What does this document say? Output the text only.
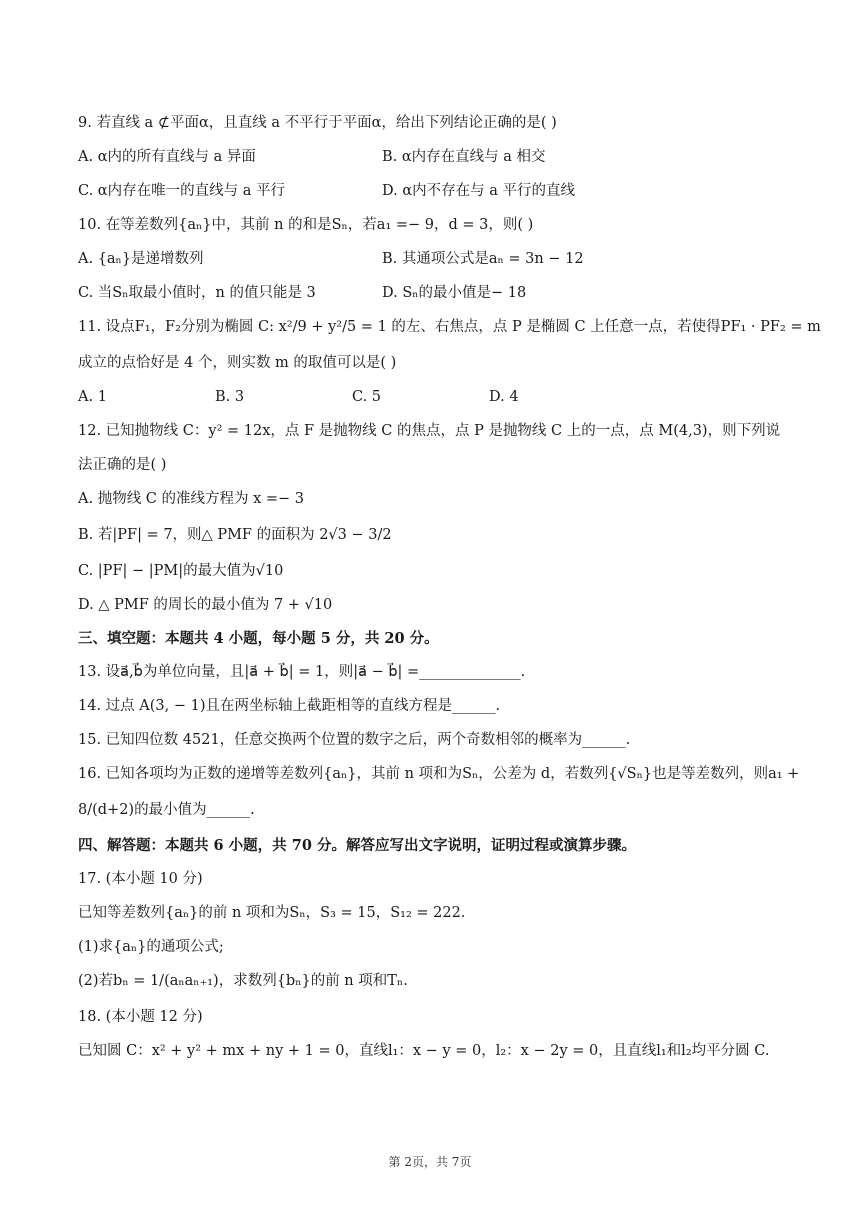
9. 若直线 a ⊄平面α，且直线 a 不平行于平面α，给出下列结论正确的是( )
A. α内的所有直线与 a 异面	B. α内存在直线与 a 相交
C. α内存在唯一的直线与 a 平行	D. α内不存在与 a 平行的直线
10. 在等差数列{aₙ}中，其前 n 的和是Sₙ，若a₁ =− 9，d = 3，则( )
A. {aₙ}是递增数列	B. 其通项公式是aₙ = 3n − 12
C. 当Sₙ取最小值时，n 的值只能是 3	D. Sₙ的最小值是− 18
11. 设点F₁，F₂分别为椭圆 C: x²/9 + y²/5 = 1 的左、右焦点，点 P 是椭圆 C 上任意一点，若使得PF₁ · PF₂ = m
成立的点恰好是 4 个，则实数 m 的取值可以是( )
A. 1	B. 3	C. 5	D. 4
12. 已知抛物线 C：y² = 12x，点 F 是抛物线 C 的焦点，点 P 是抛物线 C 上的一点，点 M(4,3)，则下列说
法正确的是( )
A. 抛物线 C 的准线方程为 x =− 3
B. 若|PF| = 7，则△ PMF 的面积为 2√3 − 3/2
C. |PF| − |PM|的最大值为√10
D. △ PMF 的周长的最小值为 7 + √10
三、填空题：本题共 4 小题，每小题 5 分，共 20 分。
13. 设a⃗,b⃗为单位向量，且|a⃗ + b⃗| = 1，则|a⃗ − b⃗| =______________.
14. 过点 A(3, − 1)且在两坐标轴上截距相等的直线方程是______.
15. 已知四位数 4521，任意交换两个位置的数字之后，两个奇数相邻的概率为______.
16. 已知各项均为正数的递增等差数列{aₙ}，其前 n 项和为Sₙ，公差为 d，若数列{√Sₙ}也是等差数列，则a₁ +
8/(d+2)的最小值为______.
四、解答题：本题共 6 小题，共 70 分。解答应写出文字说明，证明过程或演算步骤。
17. (本小题 10 分)
已知等差数列{aₙ}的前 n 项和为Sₙ，S₃ = 15，S₁₂ = 222.
(1)求{aₙ}的通项公式;
(2)若bₙ = 1/(aₙaₙ₊₁)，求数列{bₙ}的前 n 项和Tₙ.
18. (本小题 12 分)
已知圆 C：x² + y² + mx + ny + 1 = 0，直线l₁：x − y = 0，l₂：x − 2y = 0，且直线l₁和l₂均平分圆 C.
第 2页，共 7页
